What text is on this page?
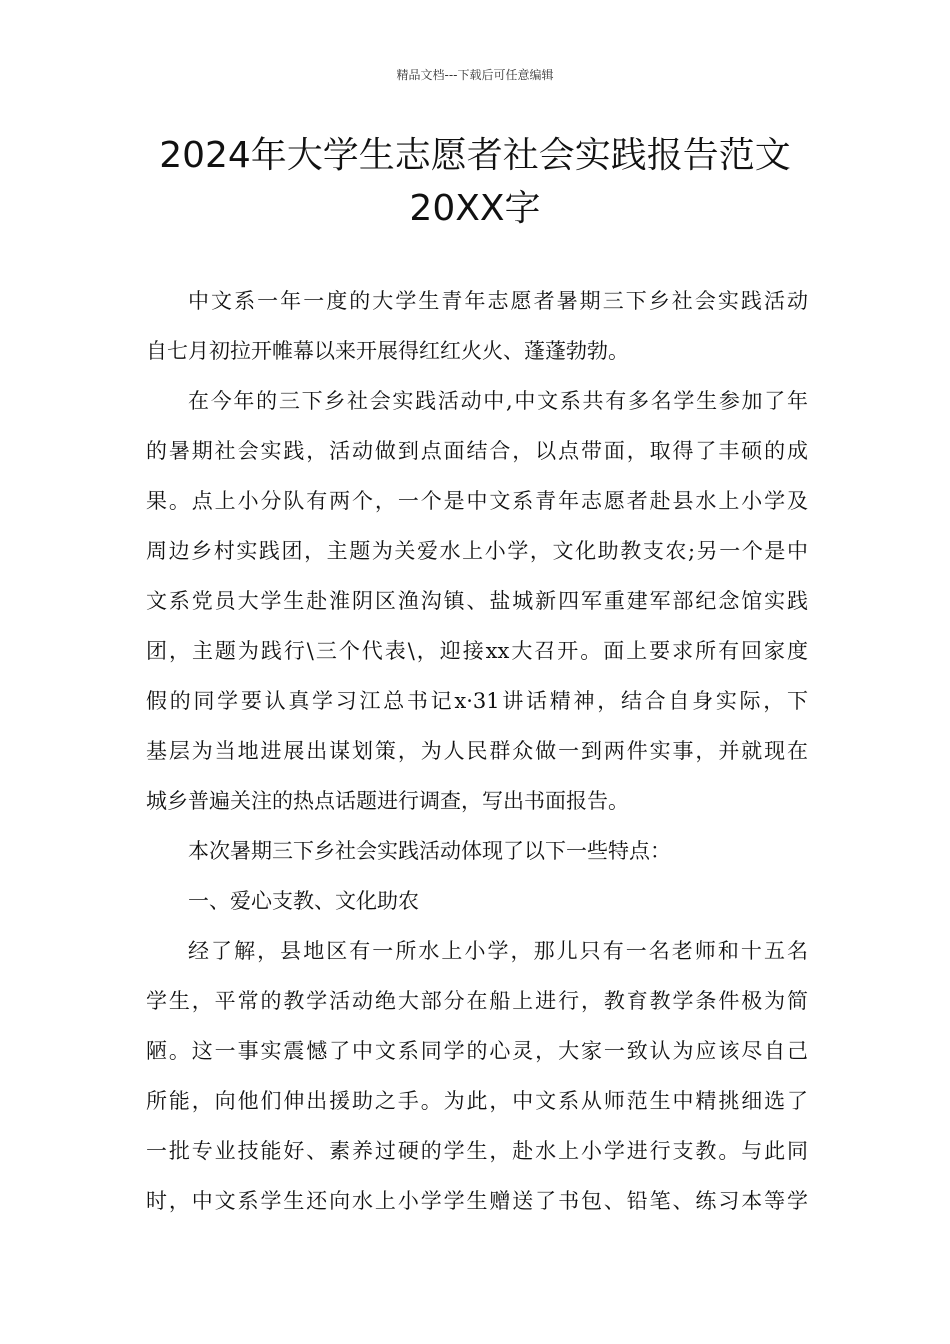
精品文档---下载后可任意编辑
2024年大学生志愿者社会实践报告范文
20XX字
中文系一年一度的大学生青年志愿者暑期三下乡社会实践活动
自七月初拉开帷幕以来开展得红红火火、蓬蓬勃勃。
在今年的三下乡社会实践活动中,中文系共有多名学生参加了年
的暑期社会实践，活动做到点面结合，以点带面，取得了丰硕的成
果。点上小分队有两个，一个是中文系青年志愿者赴县水上小学及
周边乡村实践团，主题为关爱水上小学，文化助教支农;另一个是中
文系党员大学生赴淮阴区渔沟镇、盐城新四军重建军部纪念馆实践
团，主题为践行\三个代表\，迎接xx大召开。面上要求所有回家度
假的同学要认真学习江总书记x·31讲话精神，结合自身实际，下
基层为当地进展出谋划策，为人民群众做一到两件实事，并就现在
城乡普遍关注的热点话题进行调查，写出书面报告。
本次暑期三下乡社会实践活动体现了以下一些特点：
一、爱心支教、文化助农
经了解，县地区有一所水上小学，那儿只有一名老师和十五名
学生，平常的教学活动绝大部分在船上进行，教育教学条件极为简
陋。这一事实震憾了中文系同学的心灵，大家一致认为应该尽自己
所能，向他们伸出援助之手。为此，中文系从师范生中精挑细选了
一批专业技能好、素养过硬的学生，赴水上小学进行支教。与此同
时，中文系学生还向水上小学学生赠送了书包、铅笔、练习本等学
